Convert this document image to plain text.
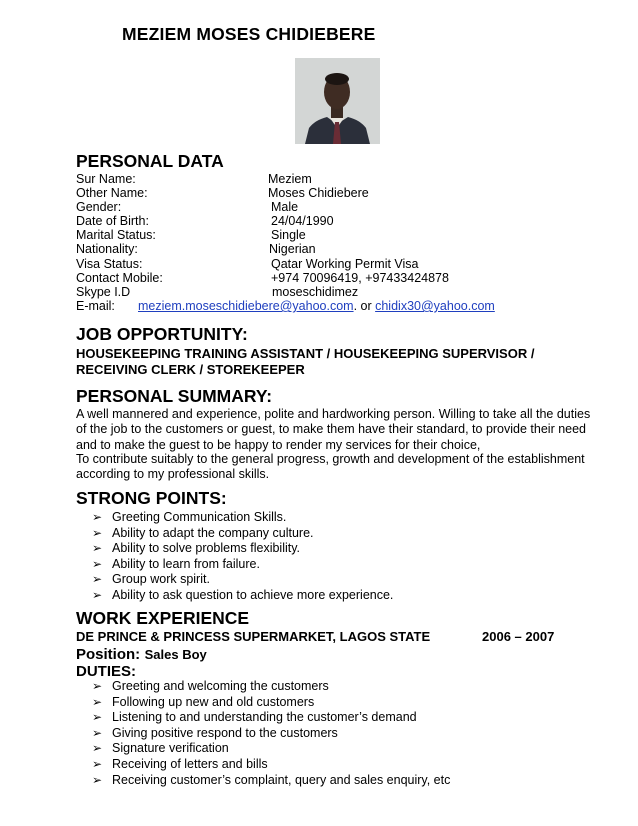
MEZIEM MOSES CHIDIEBERE
PERSONAL DATA
Sur Name:	Meziem
Other Name:	Moses Chidiebere
Gender:	Male
Date of Birth:	24/04/1990
Marital Status:	Single
Nationality:	Nigerian
Visa Status:	Qatar Working Permit Visa
Contact Mobile:	+974 70096419, +97433424878
Skype I.D	moseschidimez
E-mail: meziem.moseschidiebere@yahoo.com. or chidix30@yahoo.com
JOB OPPORTUNITY:
HOUSEKEEPING TRAINING ASSISTANT / HOUSEKEEPING SUPERVISOR /
RECEIVING CLERK / STOREKEEPER
PERSONAL SUMMARY:
A well mannered and experience, polite and hardworking person. Willing to take all the duties of the job to the customers or guest, to make them have their standard, to provide their need and to make the guest to be happy to render my services for their choice,
To contribute suitably to the general progress, growth and development of the establishment according to my professional skills.
STRONG POINTS:
➢ Greeting Communication Skills.
➢ Ability to adapt the company culture.
➢ Ability to solve problems flexibility.
➢ Ability to learn from failure.
➢ Group work spirit.
➢ Ability to ask question to achieve more experience.
WORK EXPERIENCE
DE PRINCE & PRINCESS SUPERMARKET, LAGOS STATE	2006 – 2007
Position: Sales Boy
DUTIES:
➢ Greeting and welcoming the customers
➢ Following up new and old customers
➢ Listening to and understanding the customer’s demand
➢ Giving positive respond to the customers
➢ Signature verification
➢ Receiving of letters and bills
➢ Receiving customer’s complaint, query and sales enquiry, etc
